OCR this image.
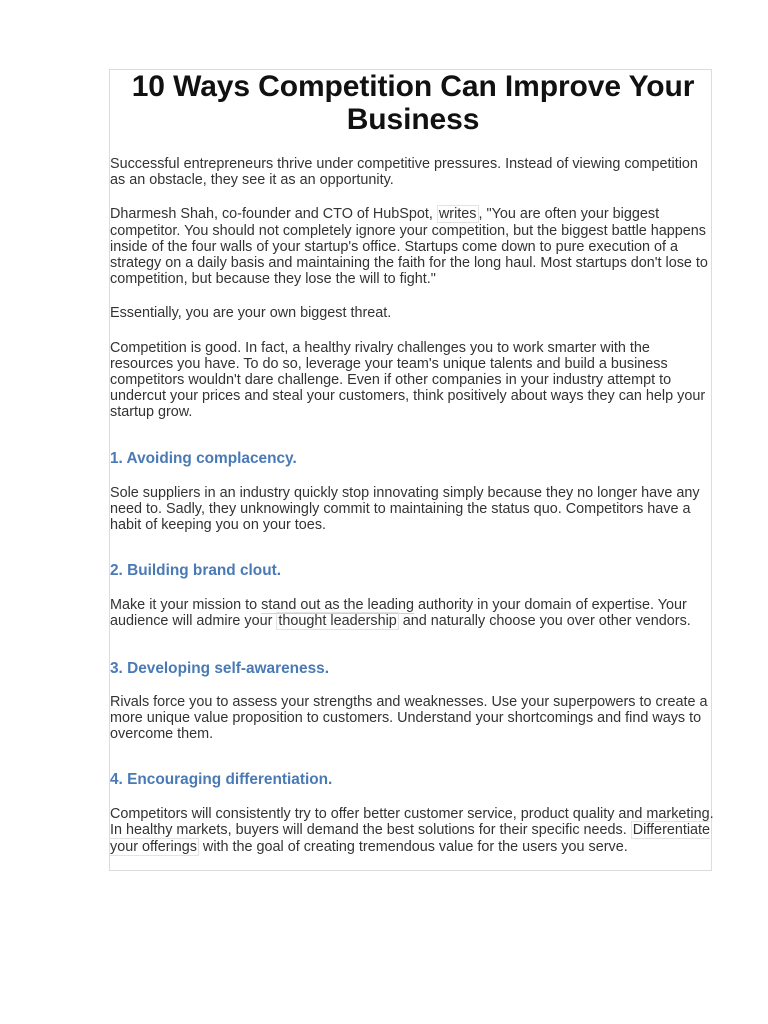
10 Ways Competition Can Improve Your Business

Successful entrepreneurs thrive under competitive pressures. Instead of viewing competition as an obstacle, they see it as an opportunity.

Dharmesh Shah, co-founder and CTO of HubSpot, writes , "You are often your biggest competitor. You should not completely ignore your competition, but the biggest battle happens inside of the four walls of your startup's office. Startups come down to pure execution of a strategy on a daily basis and maintaining the faith for the long haul. Most startups don't lose to competition, but because they lose the will to fight."

Essentially, you are your own biggest threat.

Competition is good. In fact, a healthy rivalry challenges you to work smarter with the resources you have. To do so, leverage your team's unique talents and build a business competitors wouldn't dare challenge. Even if other companies in your industry attempt to undercut your prices and steal your customers, think positively about ways they can help your startup grow.

1. Avoiding complacency.

Sole suppliers in an industry quickly stop innovating simply because they no longer have any need to. Sadly, they unknowingly commit to maintaining the status quo. Competitors have a habit of keeping you on your toes.

2. Building brand clout.

Make it your mission to stand out as the leading authority in your domain of expertise. Your audience will admire your thought leadership and naturally choose you over other vendors.

3. Developing self-awareness.

Rivals force you to assess your strengths and weaknesses. Use your superpowers to create a more unique value proposition to customers. Understand your shortcomings and find ways to overcome them.

4. Encouraging differentiation.

Competitors will consistently try to offer better customer service, product quality and marketing. In healthy markets, buyers will demand the best solutions for their specific needs. Differentiate your offerings with the goal of creating tremendous value for the users you serve.
